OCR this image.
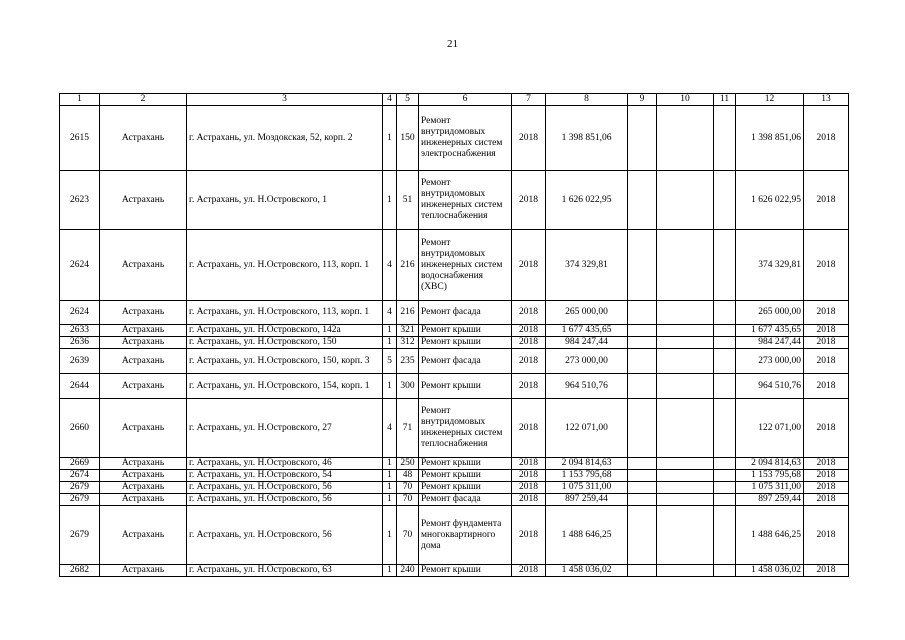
21
1	2	3	4	5	6	7	8	9	10	11	12	13
2615	Астрахань	г. Астрахань, ул. Моздокская, 52, корп. 2	1	150	Ремонт внутридомовых инженерных систем электроснабжения	2018	1 398 851,06				1 398 851,06	2018
2623	Астрахань	г. Астрахань, ул. Н.Островского, 1	1	51	Ремонт внутридомовых инженерных систем теплоснабжения	2018	1 626 022,95				1 626 022,95	2018
2624	Астрахань	г. Астрахань, ул. Н.Островского, 113, корп. 1	4	216	Ремонт внутридомовых инженерных систем водоснабжения (ХВС)	2018	374 329,81				374 329,81	2018
2624	Астрахань	г. Астрахань, ул. Н.Островского, 113, корп. 1	4	216	Ремонт фасада	2018	265 000,00				265 000,00	2018
2633	Астрахань	г. Астрахань, ул. Н.Островского, 142а	1	321	Ремонт крыши	2018	1 677 435,65				1 677 435,65	2018
2636	Астрахань	г. Астрахань, ул. Н.Островского, 150	1	312	Ремонт крыши	2018	984 247,44				984 247,44	2018
2639	Астрахань	г. Астрахань, ул. Н.Островского, 150, корп. 3	5	235	Ремонт фасада	2018	273 000,00				273 000,00	2018
2644	Астрахань	г. Астрахань, ул. Н.Островского, 154, корп. 1	1	300	Ремонт крыши	2018	964 510,76				964 510,76	2018
2660	Астрахань	г. Астрахань, ул. Н.Островского, 27	4	71	Ремонт внутридомовых инженерных систем теплоснабжения	2018	122 071,00				122 071,00	2018
2669	Астрахань	г. Астрахань, ул. Н.Островского, 46	1	250	Ремонт крыши	2018	2 094 814,63				2 094 814,63	2018
2674	Астрахань	г. Астрахань, ул. Н.Островского, 54	1	48	Ремонт крыши	2018	1 153 795,68				1 153 795,68	2018
2679	Астрахань	г. Астрахань, ул. Н.Островского, 56	1	70	Ремонт крыши	2018	1 075 311,00				1 075 311,00	2018
2679	Астрахань	г. Астрахань, ул. Н.Островского, 56	1	70	Ремонт фасада	2018	897 259,44				897 259,44	2018
2679	Астрахань	г. Астрахань, ул. Н.Островского, 56	1	70	Ремонт фундамента многоквартирного дома	2018	1 488 646,25				1 488 646,25	2018
2682	Астрахань	г. Астрахань, ул. Н.Островского, 63	1	240	Ремонт крыши	2018	1 458 036,02				1 458 036,02	2018
